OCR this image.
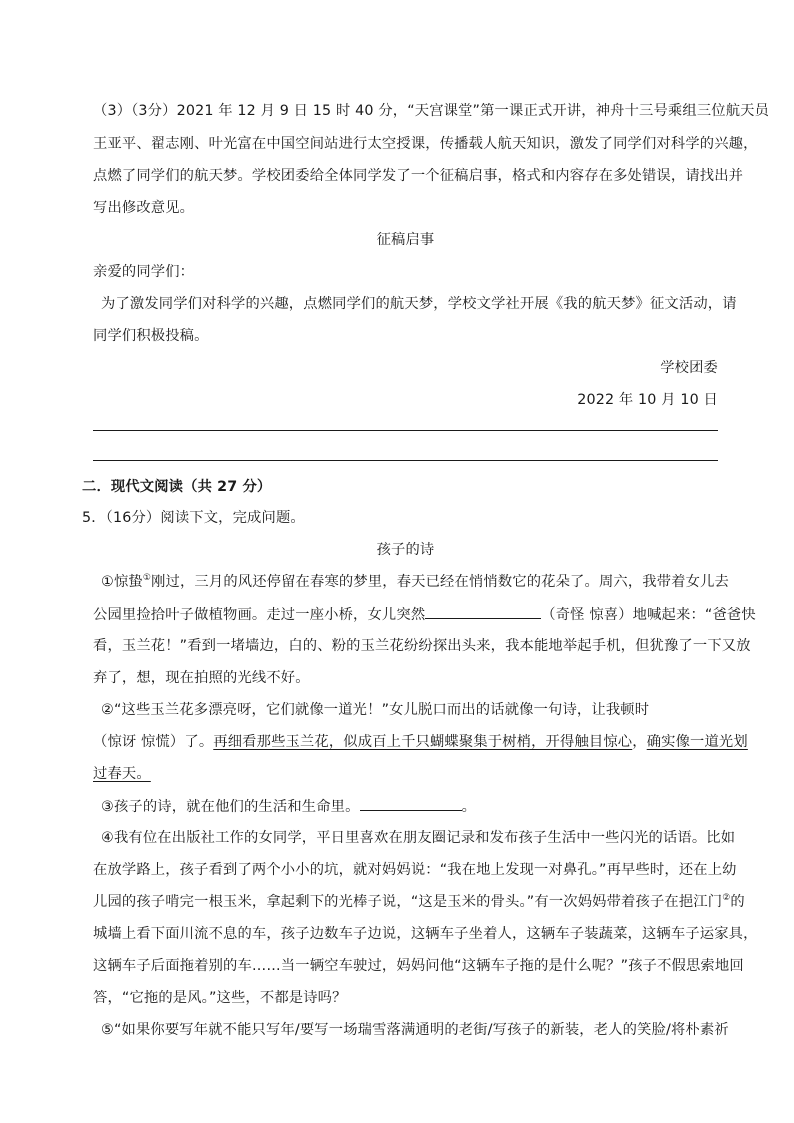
（3）（3分）2021 年 12 月 9 日 15 时 40 分，“天宫课堂”第一课正式开讲，神舟十三号乘组三位航天员
王亚平、翟志刚、叶光富在中国空间站进行太空授课，传播载人航天知识，激发了同学们对科学的兴趣，
点燃了同学们的航天梦。学校团委给全体同学发了一个征稿启事，格式和内容存在多处错误，请找出并
写出修改意见。
征稿启事
亲爱的同学们：
为了激发同学们对科学的兴趣，点燃同学们的航天梦，学校文学社开展《我的航天梦》征文活动，请
同学们积极投稿。
学校团委
2022 年 10 月 10 日
二．现代文阅读（共 27 分）
5．（16分）阅读下文，完成问题。
孩子的诗
①惊蛰①刚过，三月的风还停留在春寒的梦里，春天已经在悄悄数它的花朵了。周六，我带着女儿去
公园里捡拾叶子做植物画。走过一座小桥，女儿突然	（奇怪 惊喜）地喊起来：“爸爸快
看，玉兰花！”看到一堵墙边，白的、粉的玉兰花纷纷探出头来，我本能地举起手机，但犹豫了一下又放
弃了，想，现在拍照的光线不好。
②“这些玉兰花多漂亮呀，它们就像一道光！”女儿脱口而出的话就像一句诗，让我顿时
（惊讶 惊慌）了。再细看那些玉兰花，似成百上千只蝴蝶聚集于树梢，开得触目惊心，确实像一道光划
过春天。
③孩子的诗，就在他们的生活和生命里。	。
④我有位在出版社工作的女同学，平日里喜欢在朋友圈记录和发布孩子生活中一些闪光的话语。比如
在放学路上，孩子看到了两个小小的坑，就对妈妈说：“我在地上发现一对鼻孔。”再早些时，还在上幼
儿园的孩子啃完一根玉米，拿起剩下的光棒子说，“这是玉米的骨头。”有一次妈妈带着孩子在挹江门②的
城墙上看下面川流不息的车，孩子边数车子边说，这辆车子坐着人，这辆车子装蔬菜，这辆车子运家具，
这辆车子后面拖着别的车……当一辆空车驶过，妈妈问他“这辆车子拖的是什么呢？”孩子不假思索地回
答，“它拖的是风。”这些，不都是诗吗？
⑤“如果你要写年就不能只写年/要写一场瑞雪落满通明的老街/写孩子的新装，老人的笑脸/将朴素祈
